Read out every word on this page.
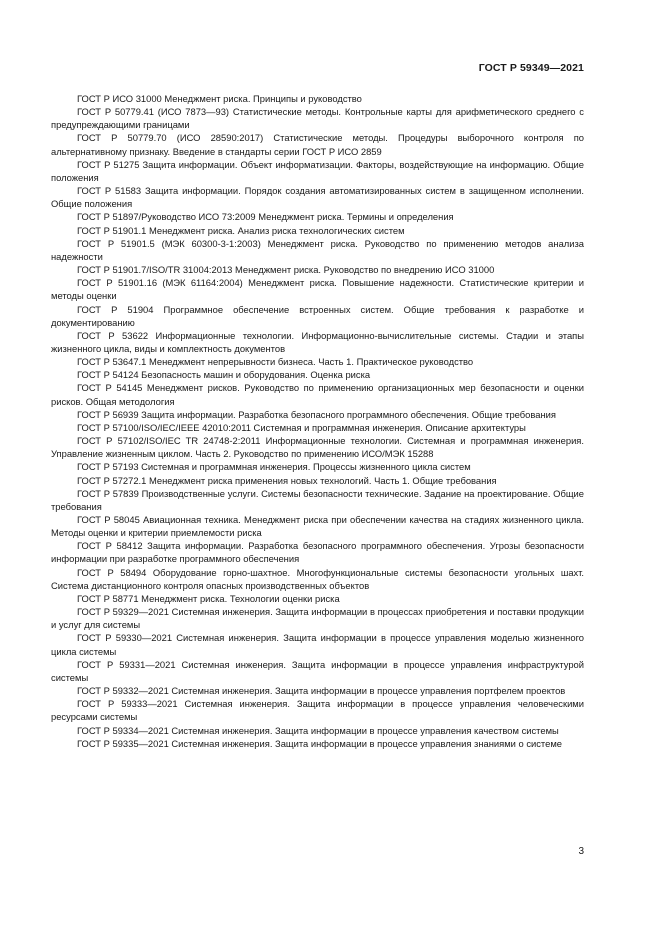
ГОСТ Р 59349—2021

ГОСТ Р ИСО 31000 Менеджмент риска. Принципы и руководство

ГОСТ Р 50779.41 (ИСО 7873—93) Статистические методы. Контрольные карты для арифметического среднего с предупреждающими границами

ГОСТ Р 50779.70 (ИСО 28590:2017) Статистические методы. Процедуры выборочного контроля по альтернативному признаку. Введение в стандарты серии ГОСТ Р ИСО 2859

ГОСТ Р 51275 Защита информации. Объект информатизации. Факторы, воздействующие на информацию. Общие положения

ГОСТ Р 51583 Защита информации. Порядок создания автоматизированных систем в защищенном исполнении. Общие положения

ГОСТ Р 51897/Руководство ИСО 73:2009 Менеджмент риска. Термины и определения

ГОСТ Р 51901.1 Менеджмент риска. Анализ риска технологических систем

ГОСТ Р 51901.5 (МЭК 60300-3-1:2003) Менеджмент риска. Руководство по применению методов анализа надежности

ГОСТ Р 51901.7/ISO/TR 31004:2013 Менеджмент риска. Руководство по внедрению ИСО 31000

ГОСТ Р 51901.16 (МЭК 61164:2004) Менеджмент риска. Повышение надежности. Статистические критерии и методы оценки

ГОСТ Р 51904 Программное обеспечение встроенных систем. Общие требования к разработке и документированию

ГОСТ Р 53622 Информационные технологии. Информационно-вычислительные системы. Стадии и этапы жизненного цикла, виды и комплектность документов

ГОСТ Р 53647.1 Менеджмент непрерывности бизнеса. Часть 1. Практическое руководство

ГОСТ Р 54124 Безопасность машин и оборудования. Оценка риска

ГОСТ Р 54145 Менеджмент рисков. Руководство по применению организационных мер безопасности и оценки рисков. Общая методология

ГОСТ Р 56939 Защита информации. Разработка безопасного программного обеспечения. Общие требования

ГОСТ Р 57100/ISO/IEC/IEEE 42010:2011 Системная и программная инженерия. Описание архитектуры

ГОСТ Р 57102/ISO/IEC TR 24748-2:2011 Информационные технологии. Системная и программная инженерия. Управление жизненным циклом. Часть 2. Руководство по применению ИСО/МЭК 15288

ГОСТ Р 57193 Системная и программная инженерия. Процессы жизненного цикла систем

ГОСТ Р 57272.1 Менеджмент риска применения новых технологий. Часть 1. Общие требования

ГОСТ Р 57839 Производственные услуги. Системы безопасности технические. Задание на проектирование. Общие требования

ГОСТ Р 58045 Авиационная техника. Менеджмент риска при обеспечении качества на стадиях жизненного цикла. Методы оценки и критерии приемлемости риска

ГОСТ Р 58412 Защита информации. Разработка безопасного программного обеспечения. Угрозы безопасности информации при разработке программного обеспечения

ГОСТ Р 58494 Оборудование горно-шахтное. Многофункциональные системы безопасности угольных шахт. Система дистанционного контроля опасных производственных объектов

ГОСТ Р 58771 Менеджмент риска. Технологии оценки риска

ГОСТ Р 59329—2021 Системная инженерия. Защита информации в процессах приобретения и поставки продукции и услуг для системы

ГОСТ Р 59330—2021 Системная инженерия. Защита информации в процессе управления моделью жизненного цикла системы

ГОСТ Р 59331—2021 Системная инженерия. Защита информации в процессе управления инфраструктурой системы

ГОСТ Р 59332—2021 Системная инженерия. Защита информации в процессе управления портфелем проектов

ГОСТ Р 59333—2021 Системная инженерия. Защита информации в процессе управления человеческими ресурсами системы

ГОСТ Р 59334—2021 Системная инженерия. Защита информации в процессе управления качеством системы

ГОСТ Р 59335—2021 Системная инженерия. Защита информации в процессе управления знаниями о системе

3
